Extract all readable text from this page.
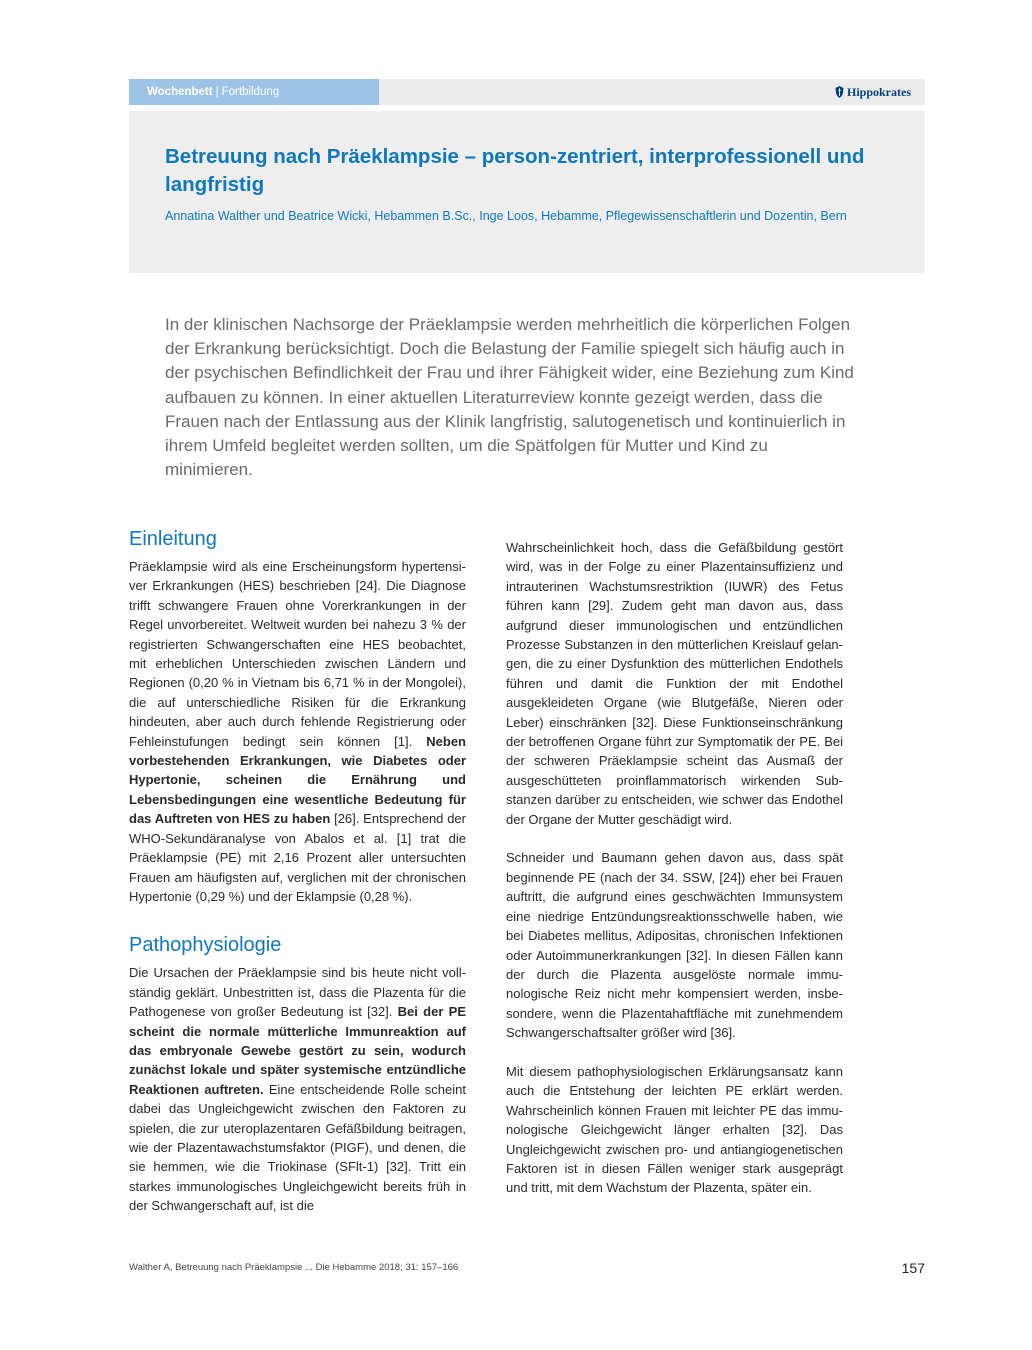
Wochenbett | Fortbildung	Hippokrates
Betreuung nach Präeklampsie – person-zentriert, interprofessionell und langfristig

Annatina Walther und Beatrice Wicki, Hebammen B.Sc., Inge Loos, Hebamme, Pflegewissenschaftlerin und Dozentin, Bern

In der klinischen Nachsorge der Präeklampsie werden mehrheitlich die körperlichen Folgen der Erkrankung berücksichtigt. Doch die Belastung der Familie spiegelt sich häufig auch in der psychischen Befindlichkeit der Frau und ihrer Fähigkeit wider, eine Beziehung zum Kind aufbauen zu können. In einer aktuellen Literaturreview konnte gezeigt werden, dass die Frauen nach der Entlassung aus der Klinik langfristig, salutogenetisch und kontinuierlich in ihrem Umfeld begleitet werden sollten, um die Spätfolgen für Mutter und Kind zu minimieren.

Einleitung

Präeklampsie wird als eine Erscheinungsform hypertensiver Erkrankungen (HES) beschrieben [24]. Die Diagnose trifft schwangere Frauen ohne Vorerkrankungen in der Regel unvorbereitet. Weltweit wurden bei nahezu 3 % der registrierten Schwangerschaften eine HES beobachtet, mit erheblichen Unterschieden zwischen Ländern und Regionen (0,20 % in Vietnam bis 6,71 % in der Mongolei), die auf unterschiedliche Risiken für die Erkrankung hindeuten, aber auch durch fehlende Registrierung oder Fehleinstufungen bedingt sein können [1]. Neben vorbestehenden Erkrankungen, wie Diabetes oder Hypertonie, scheinen die Ernährung und Lebensbedingungen eine wesentliche Bedeutung für das Auftreten von HES zu haben [26]. Entsprechend der WHO-Sekundäranalyse von Abalos et al. [1] trat die Präeklampsie (PE) mit 2,16 Prozent aller untersuchten Frauen am häufigsten auf, verglichen mit der chronischen Hypertonie (0,29 %) und der Eklampsie (0,28 %).

Pathophysiologie

Die Ursachen der Präeklampsie sind bis heute nicht vollständig geklärt. Unbestritten ist, dass die Plazenta für die Pathogenese von großer Bedeutung ist [32]. Bei der PE scheint die normale mütterliche Immunreaktion auf das embryonale Gewebe gestört zu sein, wodurch zunächst lokale und später systemische entzündliche Reaktionen auftreten. Eine entscheidende Rolle scheint dabei das Ungleichgewicht zwischen den Faktoren zu spielen, die zur uteroplazentaren Gefäßbildung beitragen, wie der Plazentawachstumsfaktor (PIGF), und denen, die sie hemmen, wie die Triokinase (SFlt-1) [32]. Tritt ein starkes immunologisches Ungleichgewicht bereits früh in der Schwangerschaft auf, ist die

Wahrscheinlichkeit hoch, dass die Gefäßbildung gestört wird, was in der Folge zu einer Plazentainsuffizienz und intrauterinen Wachstumsrestriktion (IUWR) des Fetus führen kann [29]. Zudem geht man davon aus, dass aufgrund dieser immunologischen und entzündlichen Prozesse Substanzen in den mütterlichen Kreislauf gelangen, die zu einer Dysfunktion des mütterlichen Endothels führen und damit die Funktion der mit Endothel ausgekleideten Organe (wie Blutgefäße, Nieren oder Leber) einschränken [32]. Diese Funktionseinschränkung der betroffenen Organe führt zur Symptomatik der PE. Bei der schweren Präeklampsie scheint das Ausmaß der ausgeschütteten proinflammatorisch wirkenden Substanzen darüber zu entscheiden, wie schwer das Endothel der Organe der Mutter geschädigt wird.

Schneider und Baumann gehen davon aus, dass spät beginnende PE (nach der 34. SSW, [24]) eher bei Frauen auftritt, die aufgrund eines geschwächten Immunsystem eine niedrige Entzündungsreaktionsschwelle haben, wie bei Diabetes mellitus, Adipositas, chronischen Infektionen oder Autoimmunerkrankungen [32]. In diesen Fällen kann der durch die Plazenta ausgelöste normale immunologische Reiz nicht mehr kompensiert werden, insbesondere, wenn die Plazentahaftfläche mit zunehmendem Schwangerschaftsalter größer wird [36].

Mit diesem pathophysiologischen Erklärungsansatz kann auch die Entstehung der leichten PE erklärt werden. Wahrscheinlich können Frauen mit leichter PE das immunologische Gleichgewicht länger erhalten [32]. Das Ungleichgewicht zwischen pro- und antiangiogenetischen Faktoren ist in diesen Fällen weniger stark ausgeprägt und tritt, mit dem Wachstum der Plazenta, später ein.

Walther A, Betreuung nach Präeklampsie ... Die Hebamme 2018; 31: 157–166	157
